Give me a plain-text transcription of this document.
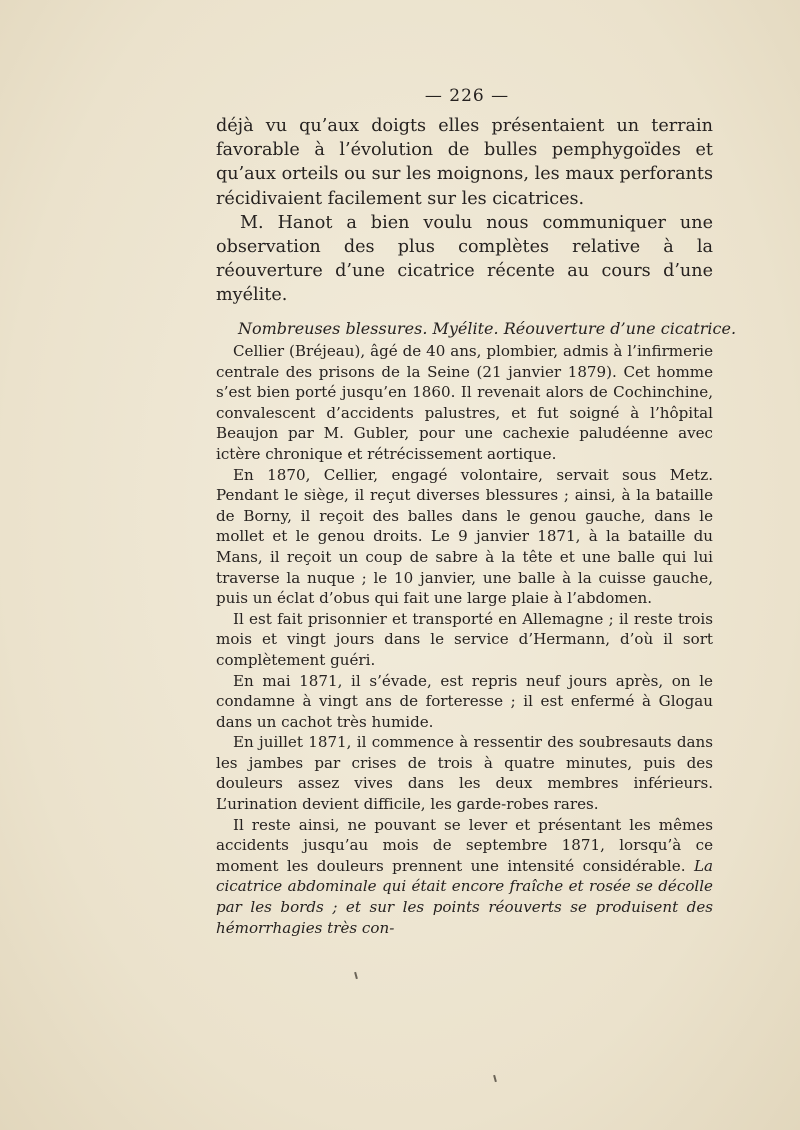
— 226 —

déjà vu qu’aux doigts elles présentaient un terrain favorable à l’évolution de bulles pemphygoïdes et qu’aux orteils ou sur les moignons, les maux perforants récidivaient facilement sur les cicatrices.

M. Hanot a bien voulu nous communiquer une observation des plus complètes relative à la réouverture d’une cicatrice récente au cours d’une myélite.

Nombreuses blessures. Myélite. Réouverture d’une cicatrice.

Cellier (Bréjeau), âgé de 40 ans, plombier, admis à l’infirmerie centrale des prisons de la Seine (21 janvier 1879). Cet homme s’est bien porté jusqu’en 1860. Il revenait alors de Cochinchine, convalescent d’accidents palustres, et fut soigné à l’hôpital Beaujon par M. Gubler, pour une cachexie paludéenne avec ictère chronique et rétrécissement aortique.

En 1870, Cellier, engagé volontaire, servait sous Metz. Pendant le siège, il reçut diverses blessures ; ainsi, à la bataille de Borny, il reçoit des balles dans le genou gauche, dans le mollet et le genou droits. Le 9 janvier 1871, à la bataille du Mans, il reçoit un coup de sabre à la tête et une balle qui lui traverse la nuque ; le 10 janvier, une balle à la cuisse gauche, puis un éclat d’obus qui fait une large plaie à l’abdomen.

Il est fait prisonnier et transporté en Allemagne ; il reste trois mois et vingt jours dans le service d’Hermann, d’où il sort complètement guéri.

En mai 1871, il s’évade, est repris neuf jours après, on le condamne à vingt ans de forteresse ; il est enfermé à Glogau dans un cachot très humide.

En juillet 1871, il commence à ressentir des soubresauts dans les jambes par crises de trois à quatre minutes, puis des douleurs assez vives dans les deux membres inférieurs. L’urination devient difficile, les garde-robes rares.

Il reste ainsi, ne pouvant se lever et présentant les mêmes accidents jusqu’au mois de septembre 1871, lorsqu’à ce moment les douleurs prennent une intensité considérable. La cicatrice abdominale qui était encore fraîche et rosée se décolle par les bords ; et sur les points réouverts se produisent des hémorrhagies très con-
